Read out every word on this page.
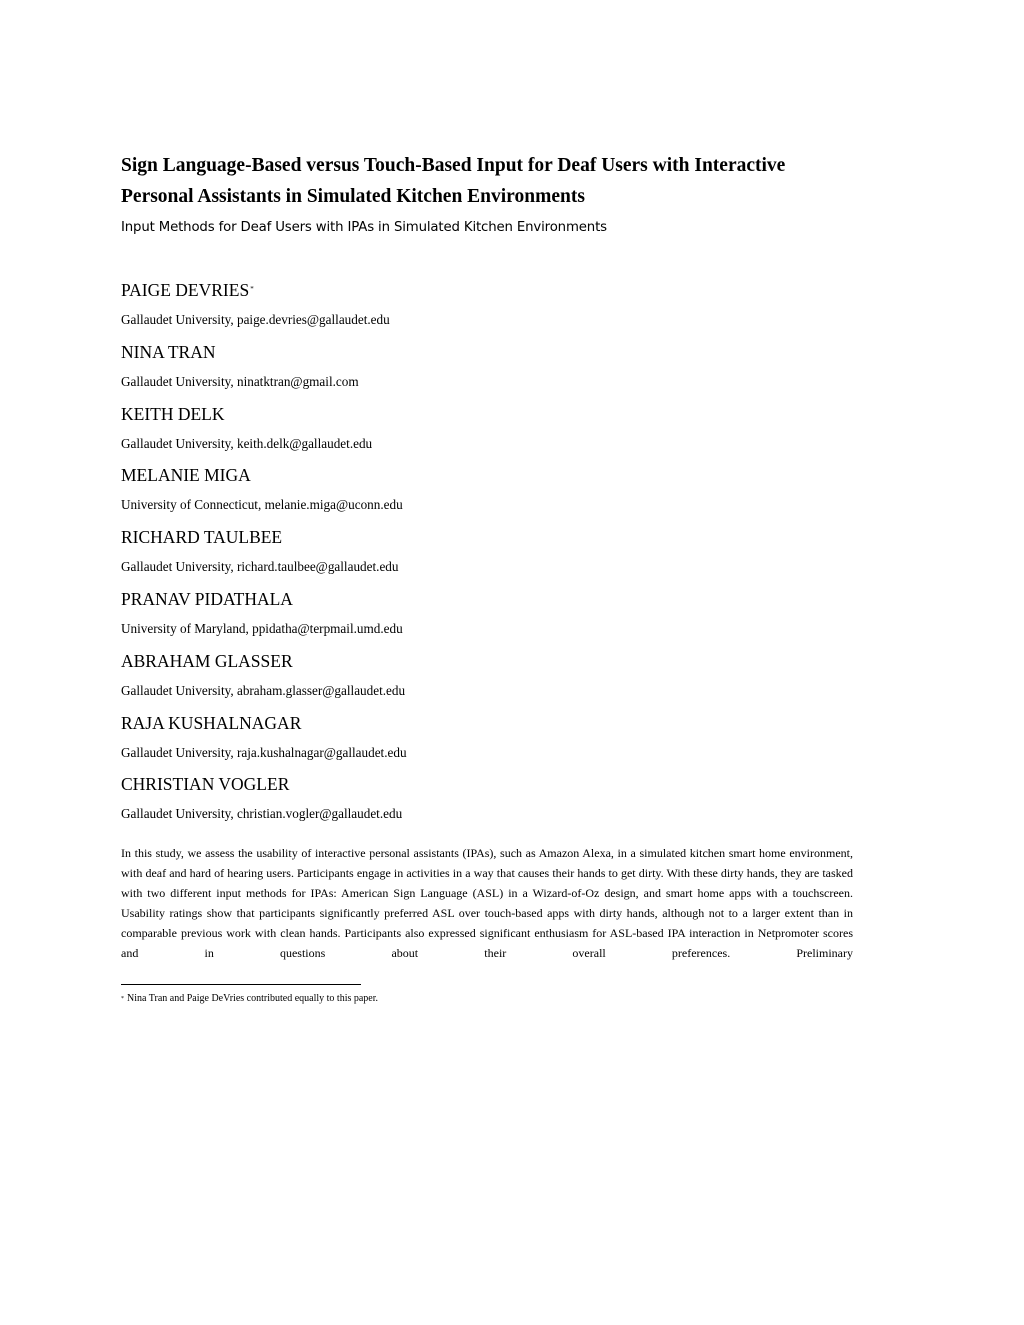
Sign Language-Based versus Touch-Based Input for Deaf Users with Interactive
Personal Assistants in Simulated Kitchen Environments
Input Methods for Deaf Users with IPAs in Simulated Kitchen Environments
PAIGE DEVRIES*
Gallaudet University, paige.devries@gallaudet.edu
NINA TRAN
Gallaudet University, ninatktran@gmail.com
KEITH DELK
Gallaudet University, keith.delk@gallaudet.edu
MELANIE MIGA
University of Connecticut, melanie.miga@uconn.edu
RICHARD TAULBEE
Gallaudet University, richard.taulbee@gallaudet.edu
PRANAV PIDATHALA
University of Maryland, ppidatha@terpmail.umd.edu
ABRAHAM GLASSER
Gallaudet University, abraham.glasser@gallaudet.edu
RAJA KUSHALNAGAR
Gallaudet University, raja.kushalnagar@gallaudet.edu
CHRISTIAN VOGLER
Gallaudet University, christian.vogler@gallaudet.edu

In this study, we assess the usability of interactive personal assistants (IPAs), such as Amazon Alexa, in a simulated kitchen smart home environment, with deaf and hard of hearing users. Participants engage in activities in a way that causes their hands to get dirty. With these dirty hands, they are tasked with two different input methods for IPAs: American Sign Language (ASL) in a Wizard-of-Oz design, and smart home apps with a touchscreen. Usability ratings show that participants significantly preferred ASL over touch-based apps with dirty hands, although not to a larger extent than in comparable previous work with clean hands. Participants also expressed significant enthusiasm for ASL-based IPA interaction in Netpromoter scores and in questions about their overall preferences. Preliminary

* Nina Tran and Paige DeVries contributed equally to this paper.
